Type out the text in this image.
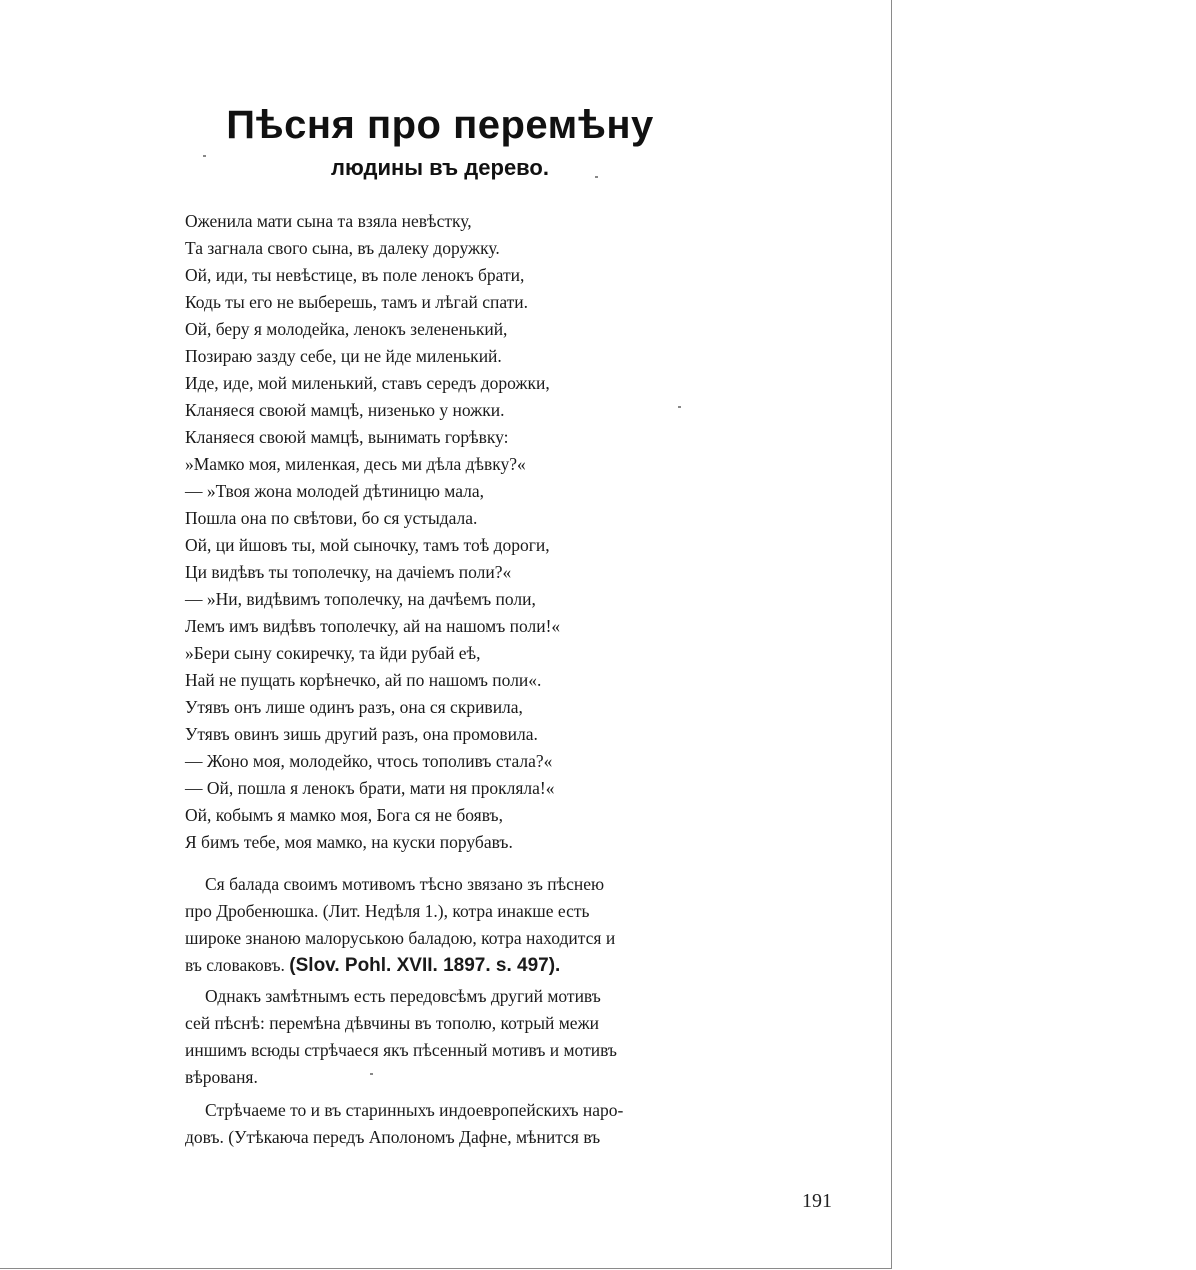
Пѣсня про перемѣну
людины въ дерево.
Оженила мати сына та взяла невѣстку,
Та загнала свого сына, въ далеку доружку.
Ой, иди, ты невѣстице, въ поле ленокъ брати,
Кодь ты его не выберешь, тамъ и лѣгай спати.
Ой, беру я молодейка, ленокъ зелененький,
Позираю зазду себе, ци не йде миленький.
Иде, иде, мой миленький, ставъ середъ дорожки,
Кланяеся своюй мамцѣ, низенько у ножки.
Кланяеся своюй мамцѣ, вынимать горѣвку:
»Мамко моя, миленкая, десь ми дѣла дѣвку?«
— »Твоя жона молодей дѣтиницю мала,
Пошла она по свѣтови, бо ся устыдала.
Ой, ци йшовъ ты, мой сыночку, тамъ тоѣ дороги,
Ци видѣвъ ты тополечку, на дачiемъ поли?«
— »Ни, видѣвимъ тополечку, на дачѣемъ поли,
Лемъ имъ видѣвъ тополечку, ай на нашомъ поли!«
»Бери сыну сокиречку, та йди рубай еѣ,
Най не пущать корѣнечко, ай по нашомъ поли«.
Утявъ онъ лише одинъ разъ, она ся скривила,
Утявъ овинъ зишь другий разъ, она промовила.
— Жоно моя, молодейко, чтось тополивъ стала?«
— Ой, пошла я ленокъ брати, мати ня проклялa!«
Ой, кобымъ я мамко моя, Бога ся не боявъ,
Я бимъ тебе, моя мамко, на куски порубавъ.
Ся балада своимъ мотивомъ тѣсно звязано зъ пѣснею
про Дробенюшка. (Лит. Недѣля 1.), котра инакше есть
широке знаною малоруською баладою, котра находится и
въ словаковъ. (Slov. Pohl. XVII. 1897. s. 497).
Однакъ замѣтнымъ есть передовсѣмъ другий мотивъ
сей пѣснѣ: перемѣна дѣвчины въ тополю, котрый межи
иншимъ всюды стрѣчаеся якъ пѣсенный мотивъ и мотивъ
вѣрованя.
Стрѣчаеме то и въ старинныхъ индоевропейскихъ наро-
довъ. (Утѣкаюча передъ Аполономъ Дафне, мѣнится въ
191
